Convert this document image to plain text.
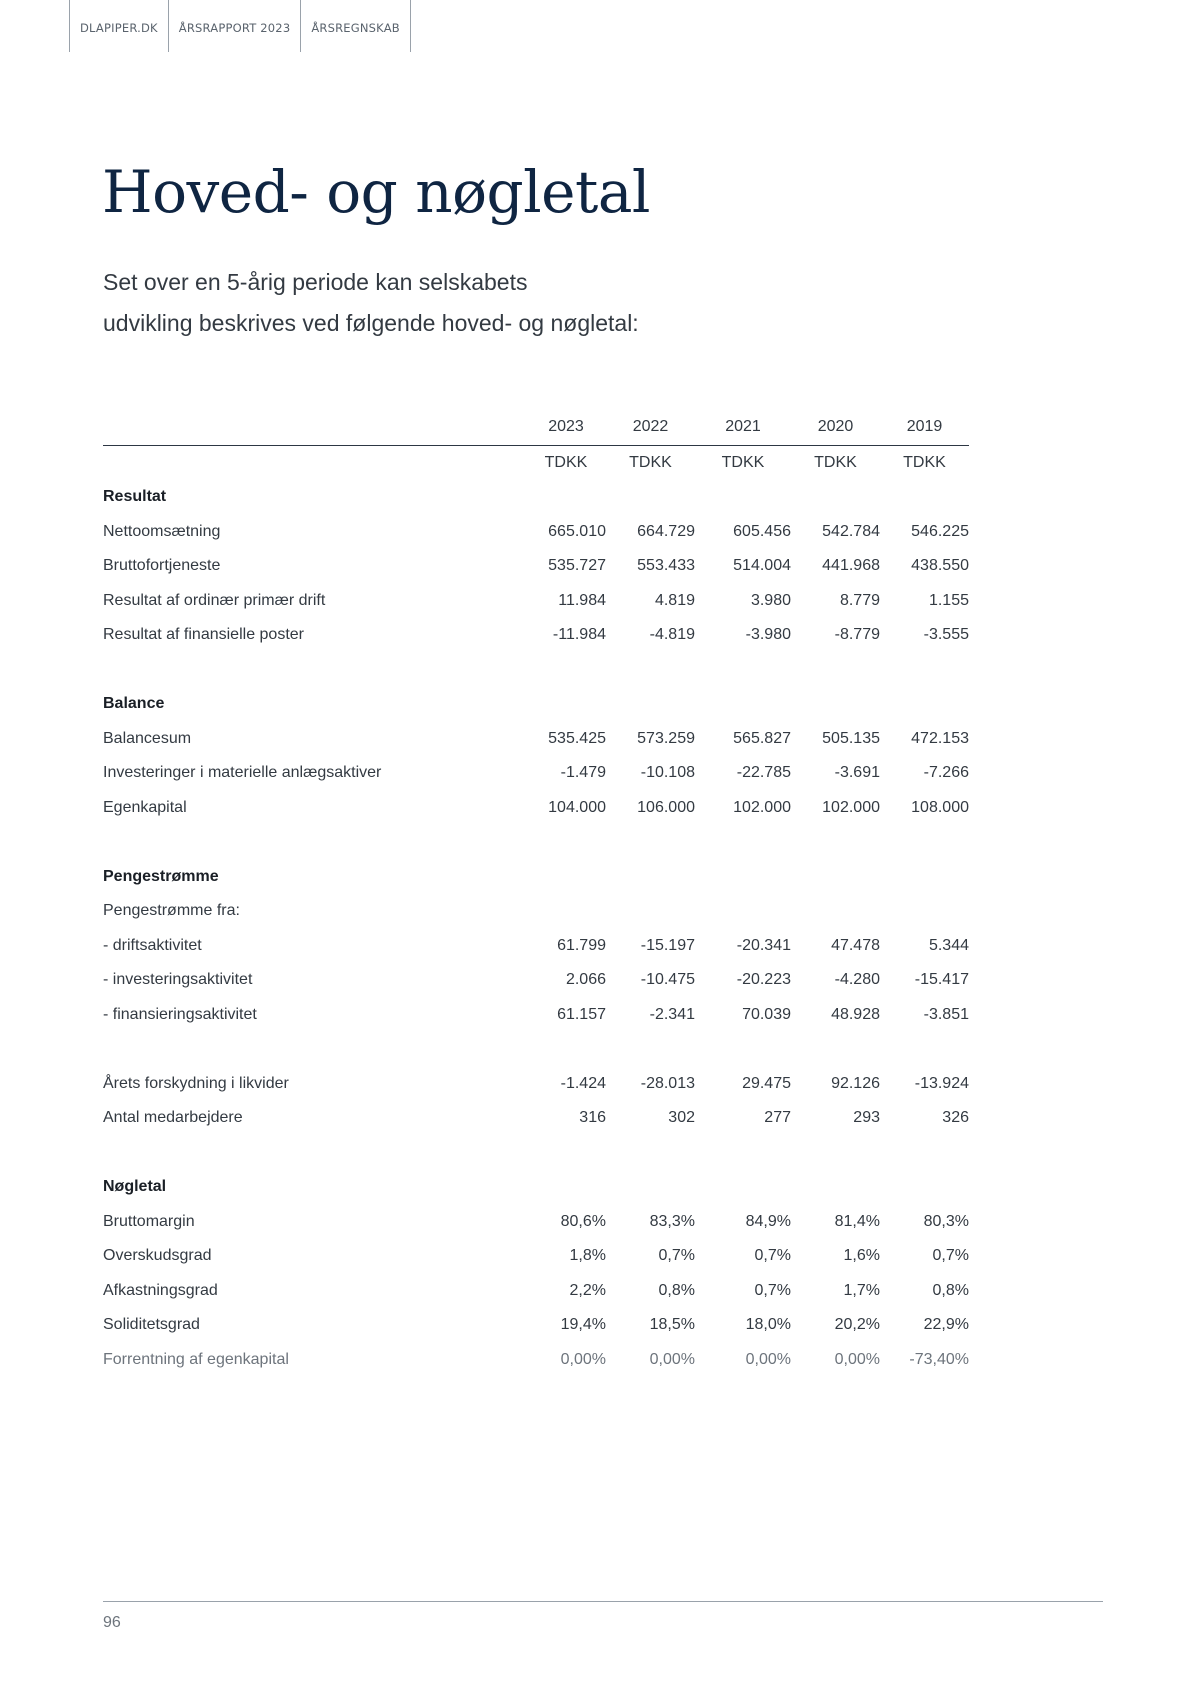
DLAPIPER.DK	ÅRSRAPPORT 2023	ÅRSREGNSKAB
Hoved- og nøgletal
Set over en 5-årig periode kan selskabets
udvikling beskrives ved følgende hoved- og nøgletal:
	2023	2022	2021	2020	2019
	TDKK	TDKK	TDKK	TDKK	TDKK
Resultat					
Nettoomsætning	665.010	664.729	605.456	542.784	546.225
Bruttofortjeneste	535.727	553.433	514.004	441.968	438.550
Resultat af ordinær primær drift	11.984	4.819	3.980	8.779	1.155
Resultat af finansielle poster	-11.984	-4.819	-3.980	-8.779	-3.555

Balance					
Balancesum	535.425	573.259	565.827	505.135	472.153
Investeringer i materielle anlægsaktiver	-1.479	-10.108	-22.785	-3.691	-7.266
Egenkapital	104.000	106.000	102.000	102.000	108.000

Pengestrømme					
Pengestrømme fra:					
- driftsaktivitet	61.799	-15.197	-20.341	47.478	5.344
- investeringsaktivitet	2.066	-10.475	-20.223	-4.280	-15.417
- finansieringsaktivitet	61.157	-2.341	70.039	48.928	-3.851

Årets forskydning i likvider	-1.424	-28.013	29.475	92.126	-13.924
Antal medarbejdere	316	302	277	293	326

Nøgletal					
Bruttomargin	80,6%	83,3%	84,9%	81,4%	80,3%
Overskudsgrad	1,8%	0,7%	0,7%	1,6%	0,7%
Afkastningsgrad	2,2%	0,8%	0,7%	1,7%	0,8%
Soliditetsgrad	19,4%	18,5%	18,0%	20,2%	22,9%
Forrentning af egenkapital	0,00%	0,00%	0,00%	0,00%	-73,40%
96
